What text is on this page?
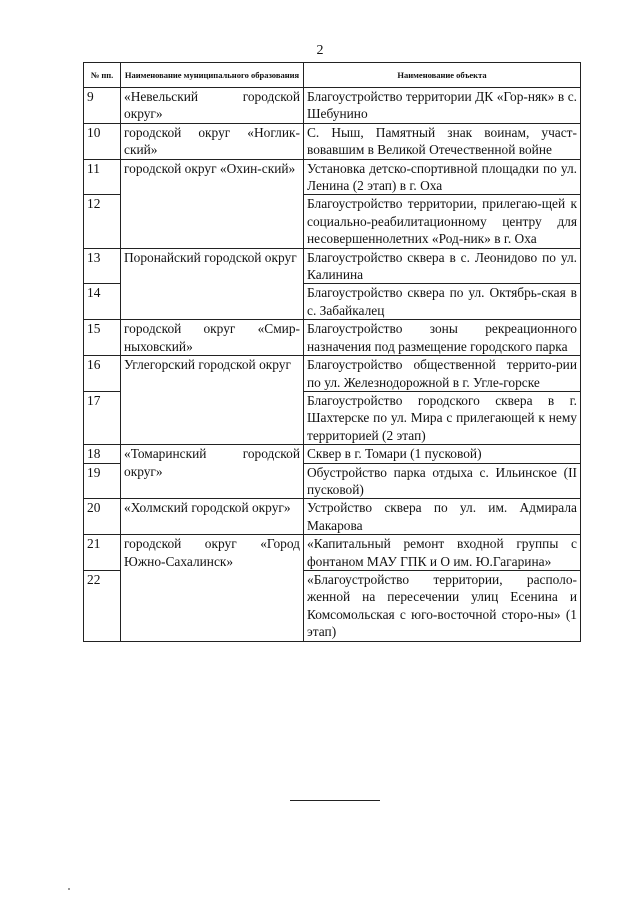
2
№ пп.	Наименование муниципального образования	Наименование объекта
9	«Невельский городской округ»	Благоустройство территории ДК «Гор-няк» в с. Шебунино
10	городской округ «Ноглик-ский»	С. Ныш, Памятный знак воинам, участ-вовавшим в Великой Отечественной войне
11	городской округ «Охин-ский»	Установка детско-спортивной площадки по ул. Ленина (2 этап) в г. Оха
12		Благоустройство территории, прилегаю-щей к социально-реабилитационному центру для несовершеннолетних «Род-ник» в г. Оха
13	Поронайский городской округ	Благоустройство сквера в с. Леонидово по ул. Калинина
14		Благоустройство сквера по ул. Октябрь-ская в с. Забайкалец
15	городской округ «Смир-ныховский»	Благоустройство зоны рекреационного назначения под размещение городского парка
16	Углегорский городской округ	Благоустройство общественной террито-рии по ул. Железнодорожной в г. Угле-горске
17		Благоустройство городского сквера в г. Шахтерске по ул. Мира с прилегающей к нему территорией (2 этап)
18	«Томаринский городской округ»	Сквер в г. Томари (1 пусковой)
19		Обустройство парка отдыха с. Ильинское (II пусковой)
20	«Холмский городской округ»	Устройство сквера по ул. им. Адмирала Макарова
21	городской округ «Город Южно-Сахалинск»	«Капитальный ремонт входной группы с фонтаном МАУ ГПК и О им. Ю.Гагарина»
22		«Благоустройство территории, располо-женной на пересечении улиц Есенина и Комсомольская с юго-восточной сторо-ны» (1 этап)
